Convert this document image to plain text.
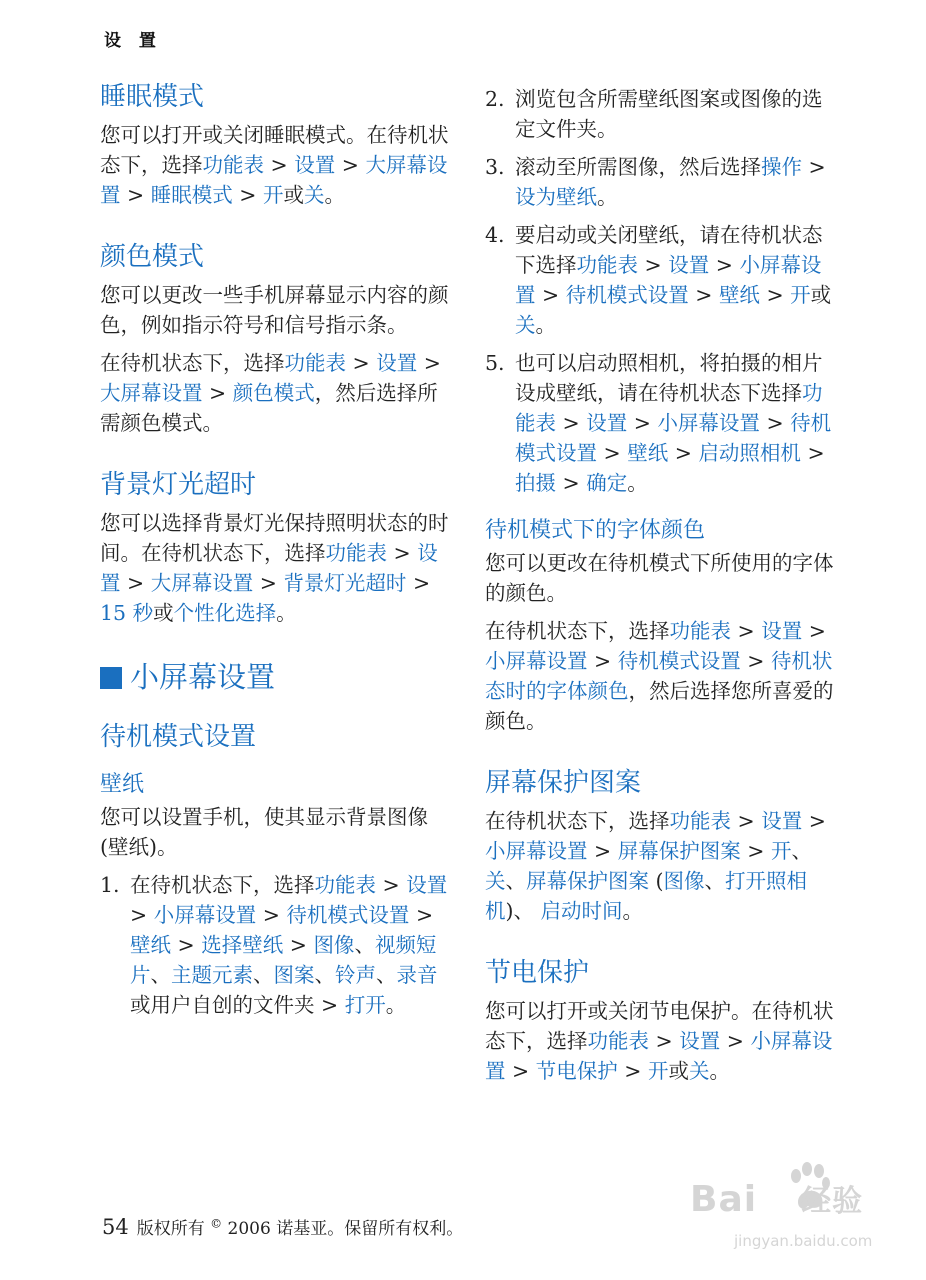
设 置
睡眠模式

您可以打开或关闭睡眠模式。在待机状态下，选择功能表 > 设置 > 大屏幕设置 > 睡眠模式 > 开或关。

颜色模式

您可以更改一些手机屏幕显示内容的颜色，例如指示符号和信号指示条。

在待机状态下，选择功能表 > 设置 > 大屏幕设置 > 颜色模式，然后选择所需颜色模式。

背景灯光超时

您可以选择背景灯光保持照明状态的时间。在待机状态下，选择功能表 > 设置 > 大屏幕设置 > 背景灯光超时 > 15 秒或个性化选择。

小屏幕设置
待机模式设置
壁纸

您可以设置手机，使其显示背景图像 (壁纸)。

1. 在待机状态下，选择功能表 > 设置 > 小屏幕设置 > 待机模式设置 > 壁纸 > 选择壁纸 > 图像、视频短片、主题元素、图案、铃声、录音或用户自创的文件夹 > 打开。
2. 浏览包含所需壁纸图案或图像的选定文件夹。
3. 滚动至所需图像，然后选择操作 > 设为壁纸。
4. 要启动或关闭壁纸，请在待机状态下选择功能表 > 设置 > 小屏幕设置 > 待机模式设置 > 壁纸 > 开或关。
5. 也可以启动照相机，将拍摄的相片设成壁纸，请在待机状态下选择功能表 > 设置 > 小屏幕设置 > 待机模式设置 > 壁纸 > 启动照相机 > 拍摄 > 确定。
待机模式下的字体颜色

您可以更改在待机模式下所使用的字体的颜色。

在待机状态下，选择功能表 > 设置 > 小屏幕设置 > 待机模式设置 > 待机状态时的字体颜色，然后选择您所喜爱的颜色。

屏幕保护图案

在待机状态下，选择功能表 > 设置 > 小屏幕设置 > 屏幕保护图案 > 开、关、屏幕保护图案 (图像、打开照相机)、 启动时间。

节电保护

您可以打开或关闭节电保护。在待机状态下，选择功能表 > 设置 > 小屏幕设置 > 节电保护 > 开或关。

54 版权所有 © 2006 诺基亚。保留所有权利。
Bai 经验
jingyan.baidu.com
